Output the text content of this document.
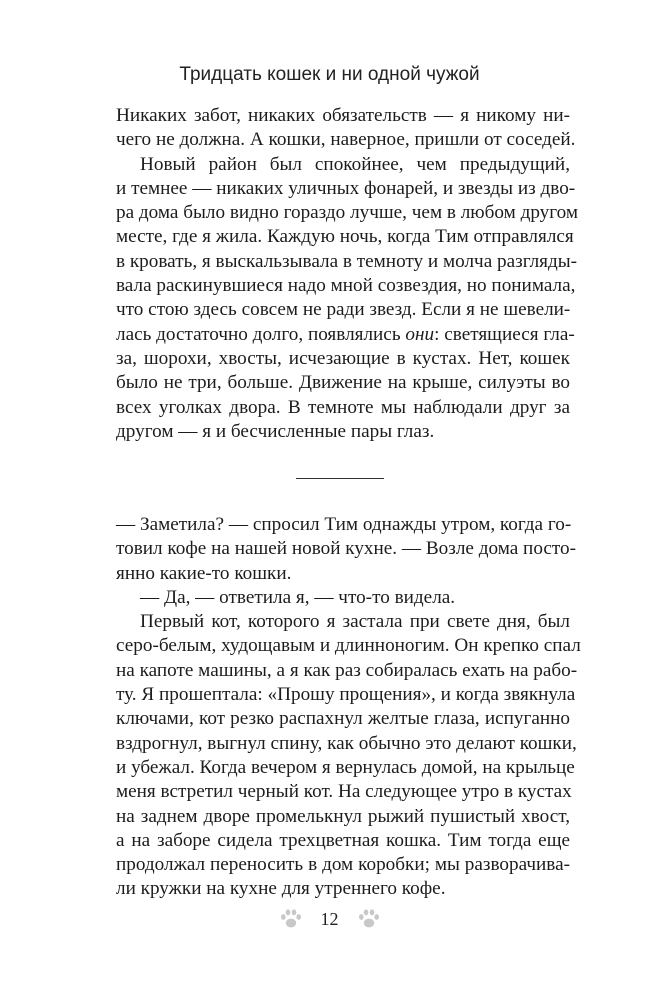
Тридцать кошек и ни одной чужой
Никаких забот, никаких обязательств — я никому ни-
чего не должна. А кошки, наверное, пришли от соседей.
Новый район был спокойнее, чем предыдущий,
и темнее — никаких уличных фонарей, и звезды из дво-
ра дома было видно гораздо лучше, чем в любом другом
месте, где я жила. Каждую ночь, когда Тим отправлялся
в кровать, я выскальзывала в темноту и молча разгляды-
вала раскинувшиеся надо мной созвездия, но понимала,
что стою здесь совсем не ради звезд. Если я не шевели-
лась достаточно долго, появлялись они: светящиеся гла-
за, шорохи, хвосты, исчезающие в кустах. Нет, кошек
было не три, больше. Движение на крыше, силуэты во
всех уголках двора. В темноте мы наблюдали друг за
другом — я и бесчисленные пары глаз.
— Заметила? — спросил Тим однажды утром, когда го-
товил кофе на нашей новой кухне. — Возле дома посто-
янно какие-то кошки.
— Да, — ответила я, — что-то видела.
Первый кот, которого я застала при свете дня, был
серо-белым, худощавым и длинноногим. Он крепко спал
на капоте машины, а я как раз собиралась ехать на рабо-
ту. Я прошептала: «Прошу прощения», и когда звякнула
ключами, кот резко распахнул желтые глаза, испуганно
вздрогнул, выгнул спину, как обычно это делают кошки,
и убежал. Когда вечером я вернулась домой, на крыльце
меня встретил черный кот. На следующее утро в кустах
на заднем дворе промелькнул рыжий пушистый хвост,
а на заборе сидела трехцветная кошка. Тим тогда еще
продолжал переносить в дом коробки; мы разворачива-
ли кружки на кухне для утреннего кофе.
12
